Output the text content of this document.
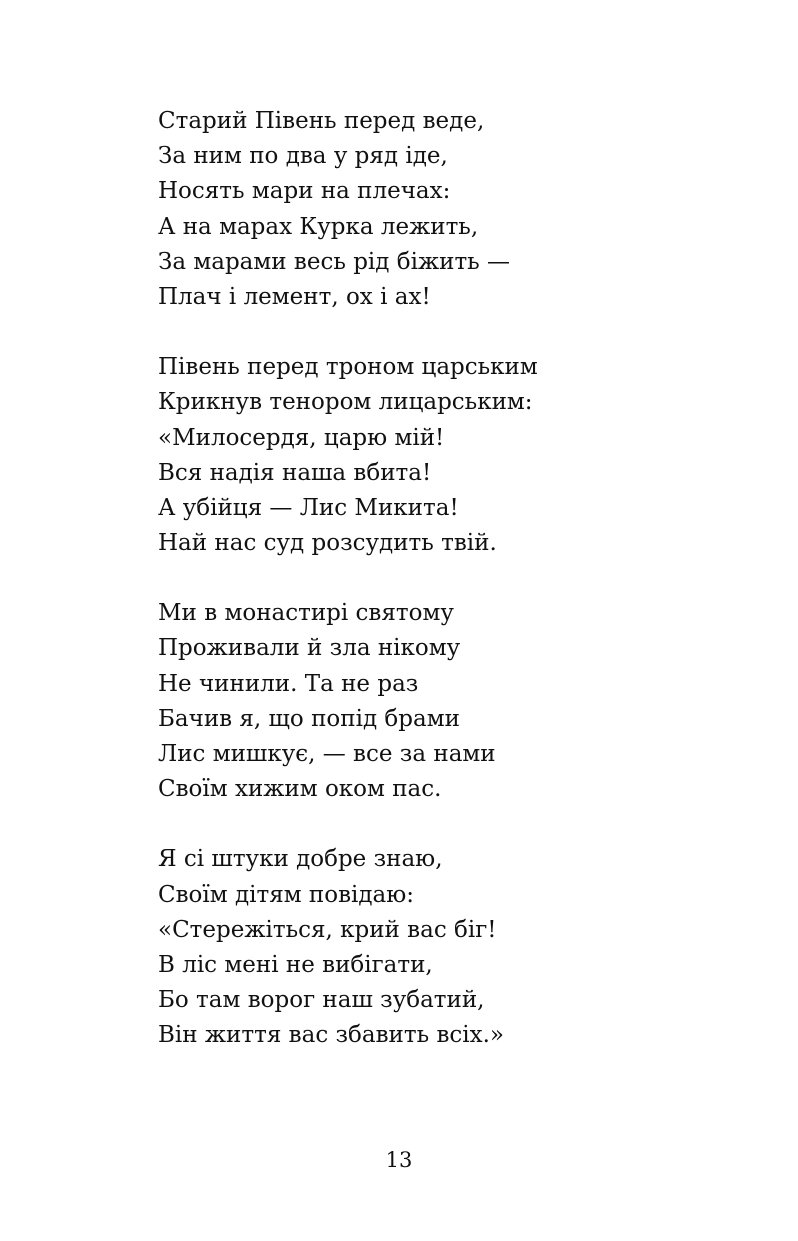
Старий Півень перед веде,
За ним по два у ряд іде,
Носять мари на плечах:
А на марах Курка лежить,
За марами весь рід біжить —
Плач і лемент, ох і ах!
Півень перед троном царським
Крикнув тенором лицарським:
«Милосердя, царю мій!
Вся надія наша вбита!
А убійця — Лис Микита!
Най нас суд розсудить твій.
Ми в монастирі святому
Проживали й зла нікому
Не чинили. Та не раз
Бачив я, що попід брами
Лис мишкує, — все за нами
Своїм хижим оком пас.
Я сі штуки добре знаю,
Своїм дітям повідаю:
«Стережіться, крий вас біг!
В ліс мені не вибігати,
Бо там ворог наш зубатий,
Він життя вас збавить всіх.»
13
